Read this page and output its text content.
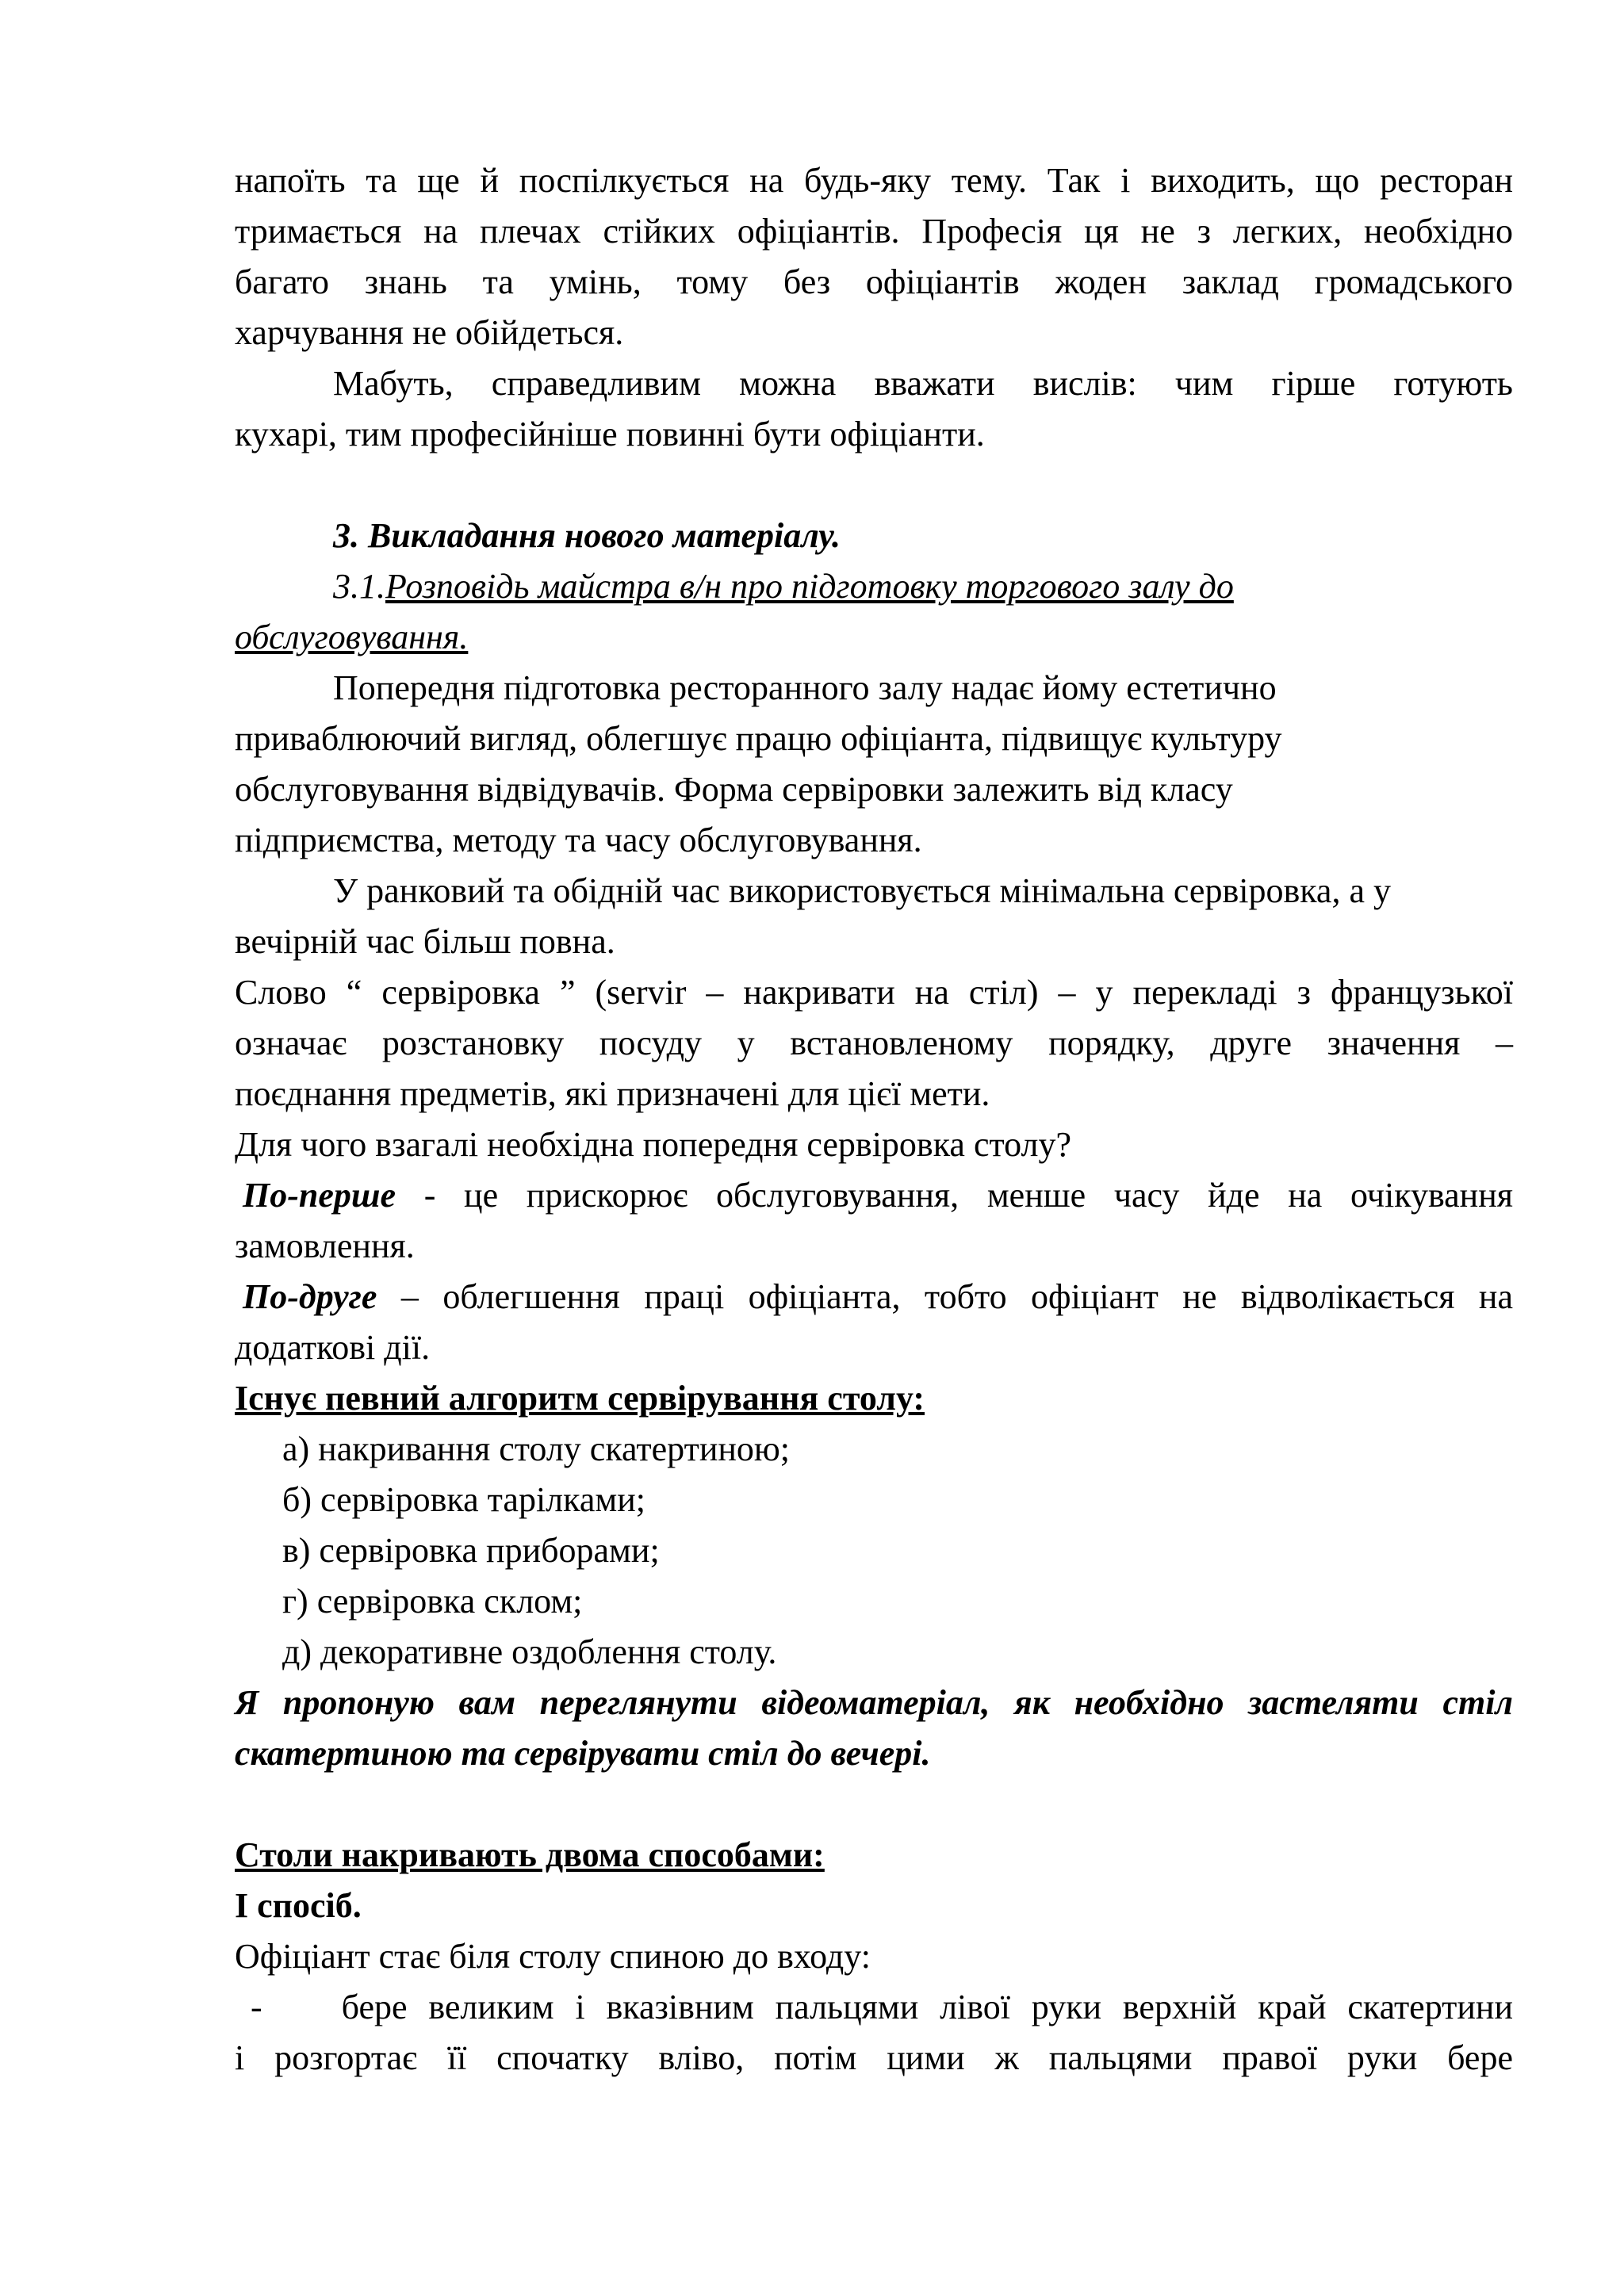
напоїть та ще й поспілкується на будь-яку тему. Так і виходить, що ресторан

тримається на плечах стійких офіціантів. Професія ця не з легких, необхідно

багато знань та умінь, тому без офіціантів жоден заклад громадського

харчування не обійдеться.

Мабуть, справедливим можна вважати вислів: чим гірше готують

кухарі, тим професійніше повинні бути офіціанти.

3. Викладання нового матеріалу.

3.1.Розповідь майстра в/н про підготовку торгового залу до

обслуговування.

Попередня підготовка ресторанного залу надає йому естетично

приваблюючий вигляд, облегшує працю офіціанта, підвищує культуру

обслуговування відвідувачів. Форма сервіровки залежить від класу

підприємства, методу та часу обслуговування.

У ранковий та обідній час використовується мінімальна сервіровка, а у

вечірній час більш повна.

Слово “ сервіровка ” (servir – накривати на стіл) – у перекладі з французької

означає розстановку посуду у встановленому порядку, друге значення –

поєднання предметів, які призначені для цієї мети.

Для чого взагалі необхідна попередня сервіровка столу?

По-перше - це прискорює обслуговування, менше часу йде на очікування

замовлення.

По-друге – облегшення праці офіціанта, тобто офіціант не відволікається на

додаткові дії.

Існує певний алгоритм сервірування столу:

а) накривання столу скатертиною;

б) сервіровка тарілками;

в) сервіровка приборами;

г) сервіровка склом;

д) декоративне оздоблення столу.

Я пропоную вам переглянути відеоматеріал, як необхідно застеляти стіл

скатертиною та сервірувати стіл до вечері.

Столи накривають двома способами:

І спосіб.

Офіціант стає біля столу спиною до входу:

-	бере великим і вказівним пальцями лівої руки верхній край скатертини

і розгортає її спочатку вліво, потім цими ж пальцями правої руки бере
